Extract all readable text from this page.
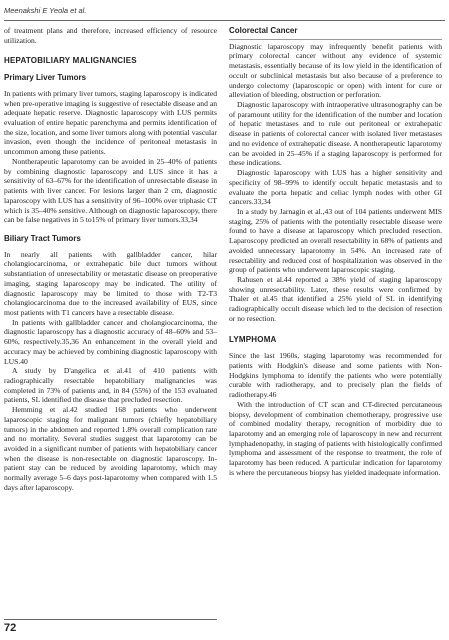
Meenakshi E Yeola et al.

of treatment plans and therefore, increased efficiency of resource utilization.

HEPATOBILIARY MALIGNANCIES
Primary Liver Tumors

In patients with primary liver tumors, staging laparoscopy is indicated when pre-operative imaging is suggestive of resectable disease and an adequate hepatic reserve. Diagnostic laparoscopy with LUS permits evaluation of entire hepatic parenchyma and permits identification of the size, location, and some liver tumors along with potential vascular invasion, even though the incidence of peritoneal metastasis in uncommon among these patients.

Nontherapeutic laparotomy can be avoided in 25–40% of patients by combining diagnostic laparoscopy and LUS since it has a sensitivity of 63–67% for the identification of unresectable disease in patients with liver cancer. For lesions larger than 2 cm, diagnostic laparoscopy with LUS has a sensitivity of 96–100% over triphasic CT which is 35–40% sensitive. Although on diagnostic laparoscopy, there can be false negatives in 5 to15% of primary liver tumors.33,34

Biliary Tract Tumors

In nearly all patients with gallbladder cancer, hilar cholangiocarcinoma, or extrahepatic bile duct tumors without substantiation of unresectability or metastatic disease on preoperative imaging, staging laparoscopy may be indicated. The utility of diagnostic laparoscopy may be limited to those with T2-T3 cholangiocarcinoma due to the increased availability of EUS, since most patients with T1 cancers have a resectable disease.

In patients with gallbladder cancer and cholangiocarcinoma, the diagnostic laparoscopy has a diagnostic accuracy of 48–60% and 53–60%, respectively.35,36 An enhancement in the overall yield and accuracy may be achieved by combining diagnostic laparoscopy with LUS.40

A study by D'angelica et al.41 of 410 patients with radiographically resectable hepatobiliary malignancies was completed in 73% of patients and, in 84 (55%) of the 153 evaluated patients, SL identified the disease that precluded resection.

Hemming et al.42 studied 168 patients who underwent laparoscopic staging for malignant tumors (chiefly hepatobiliary tumors) in the abdomen and reported 1.8% overall complication rate and no mortality. Several studies suggest that laparotomy can be avoided in a significant number of patients with hepatobiliary cancer when the disease is non-resectable on diagnostic laparoscopy. In-patient stay can be reduced by avoiding laparotomy, which may normally average 5–6 days post-laparotomy when compared with 1.5 days after laparoscopy.

Colorectal Cancer

Diagnostic laparoscopy may infrequently benefit patients with primary colorectal cancer without any evidence of systemic metastasis, essentially because of its low yield in the identification of occult or subclinical metastasis but also because of a preference to undergo colectomy (laparoscopic or open) with intent for cure or alleviation of bleeding, obstruction or perforation.

Diagnostic laparoscopy with intraoperative ultrasonography can be of paramount utility for the identification of the number and location of hepatic metastases and to rule out peritoneal or extrahepatic disease in patients of colorectal cancer with isolated liver metastases and no evidence of extrahepatic disease. A nontherapeutic laparotomy can be avoided in 25–45% if a staging laparoscopy is performed for these indications.

Diagnostic laparoscopy with LUS has a higher sensitivity and specificity of 98–99% to identify occult hepatic metastasis and to evaluate the porta hepatic and celiac lymph nodes with other GI cancers.33,34

In a study by Jarnagin et al.,43 out of 104 patients underwent MIS staging, 25% of patients with the potentially resectable disease were found to have a disease at laparoscopy which precluded resection. Laparoscopy predicted an overall resectability in 68% of patients and avoided unnecessary laparotomy in 54%. An increased rate of resectability and reduced cost of hospitalization was observed in the group of patients who underwent laparoscopic staging.

Rahusen et al.44 reported a 38% yield of staging laparoscopy showing unresectability. Later, these results were confirmed by Thaler et al.45 that identified a 25% yield of SL in identifying radiographically occult disease which led to the decision of resection or no resection.

LYMPHOMA

Since the last 1960s, staging laparotomy was recommended for patients with Hodgkin's disease and some patients with Non-Hodgkins lymphoma to identify the patients who were potentially curable with radiotherapy, and to precisely plan the fields of radiotherapy.46

With the introduction of CT scan and CT-directed percutaneous biopsy, development of combination chemotherapy, progressive use of combined modality therapy, recognition of morbidity due to laparotomy and an emerging role of laparoscopy in new and recurrent lymphadenopathy, in staging of patients with histologically confirmed lymphoma and assessment of the response to treatment, the role of laparotomy has been reduced. A particular indication for laparotomy is where the percutaneous biopsy has yielded inadequate information.

72
